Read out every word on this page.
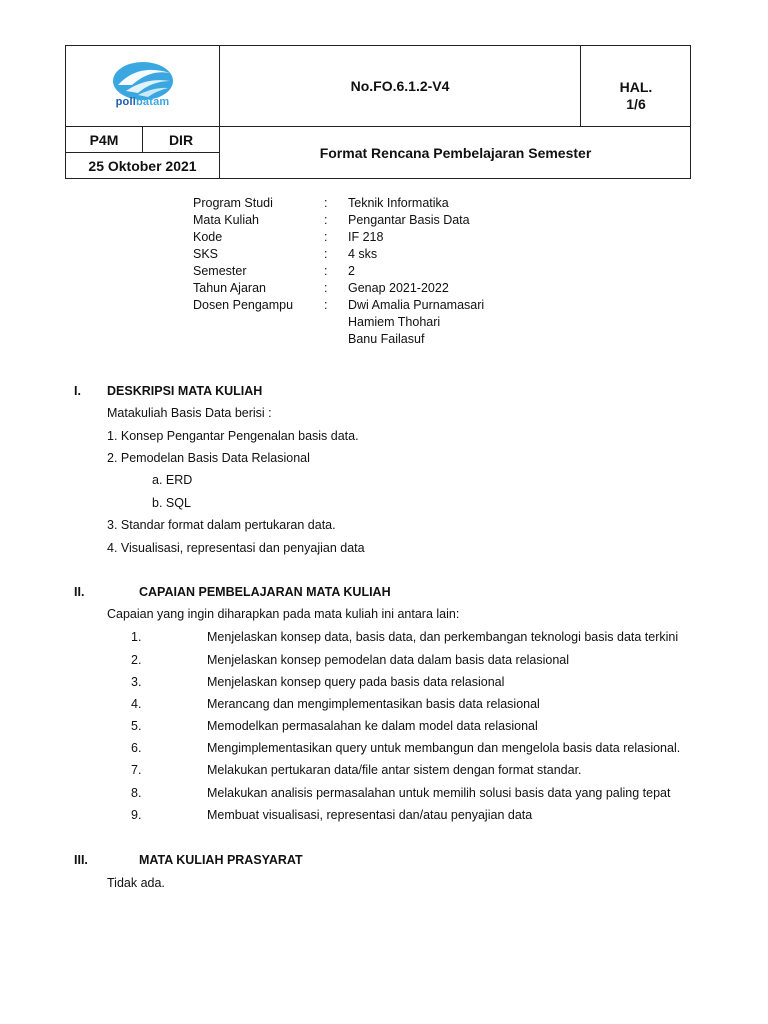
polibatam
No.FO.6.1.2-V4	HAL.
1/6
P4M	DIR
25 Oktober 2021
Format Rencana Pembelajaran Semester
Program Studi	:	Teknik Informatika
Mata Kuliah	:	Pengantar Basis Data
Kode	:	IF 218
SKS	:	4 sks
Semester	:	2
Tahun Ajaran	:	Genap 2021-2022
Dosen Pengampu	:	Dwi Amalia Purnamasari
Hamiem Thohari
Banu Failasuf
I. DESKRIPSI MATA KULIAH
Matakuliah Basis Data berisi :
1. Konsep Pengantar Pengenalan basis data.
2. Pemodelan Basis Data Relasional
a. ERD
b. SQL
3. Standar format dalam pertukaran data.
4. Visualisasi, representasi dan penyajian data
II.	CAPAIAN PEMBELAJARAN MATA KULIAH
Capaian yang ingin diharapkan pada mata kuliah ini antara lain:
1.	Menjelaskan konsep data, basis data, dan perkembangan teknologi basis data terkini
2.	Menjelaskan konsep pemodelan data dalam basis data relasional
3.	Menjelaskan konsep query pada basis data relasional
4.	Merancang dan mengimplementasikan basis data relasional
5.	Memodelkan permasalahan ke dalam model data relasional
6.	Mengimplementasikan query untuk membangun dan mengelola basis data relasional.
7.	Melakukan pertukaran data/file antar sistem dengan format standar.
8.	Melakukan analisis permasalahan untuk memilih solusi basis data yang paling tepat
9.	Membuat visualisasi, representasi dan/atau penyajian data
III.	MATA KULIAH PRASYARAT
Tidak ada.
